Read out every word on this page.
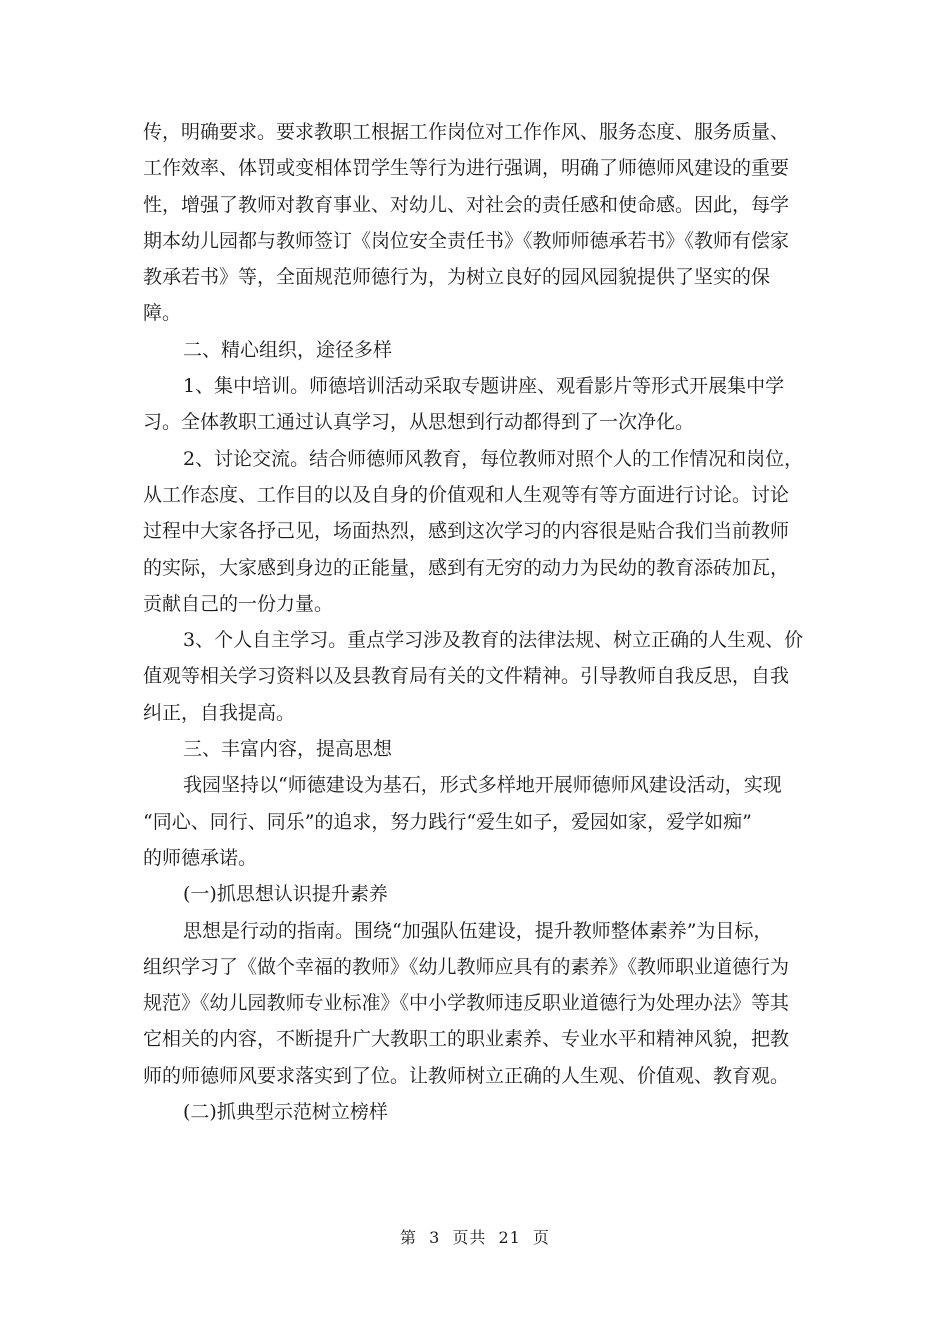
传，明确要求。要求教职工根据工作岗位对工作作风、服务态度、服务质量、
工作效率、体罚或变相体罚学生等行为进行强调，明确了师德师风建设的重要
性，增强了教师对教育事业、对幼儿、对社会的责任感和使命感。因此，每学
期本幼儿园都与教师签订《岗位安全责任书》《教师师德承若书》《教师有偿家
教承若书》等，全面规范师德行为，为树立良好的园风园貌提供了坚实的保
障。
二、精心组织，途径多样
1、集中培训。师德培训活动采取专题讲座、观看影片等形式开展集中学
习。全体教职工通过认真学习，从思想到行动都得到了一次净化。
2、讨论交流。结合师德师风教育，每位教师对照个人的工作情况和岗位，
从工作态度、工作目的以及自身的价值观和人生观等有等方面进行讨论。讨论
过程中大家各抒己见，场面热烈，感到这次学习的内容很是贴合我们当前教师
的实际，大家感到身边的正能量，感到有无穷的动力为民幼的教育添砖加瓦，
贡献自己的一份力量。
3、个人自主学习。重点学习涉及教育的法律法规、树立正确的人生观、价
值观等相关学习资料以及县教育局有关的文件精神。引导教师自我反思，自我
纠正，自我提高。
三、丰富内容，提高思想
我园坚持以“师德建设为基石，形式多样地开展师德师风建设活动，实现
“同心、同行、同乐”的追求，努力践行“爱生如子，爱园如家，爱学如痴”
的师德承诺。
(一)抓思想认识提升素养
思想是行动的指南。围绕“加强队伍建设，提升教师整体素养”为目标，
组织学习了《做个幸福的教师》《幼儿教师应具有的素养》《教师职业道德行为
规范》《幼儿园教师专业标准》《中小学教师违反职业道德行为处理办法》等其
它相关的内容，不断提升广大教职工的职业素养、专业水平和精神风貌，把教
师的师德师风要求落实到了位。让教师树立正确的人生观、价值观、教育观。
(二)抓典型示范树立榜样
第 3 页共 21 页
